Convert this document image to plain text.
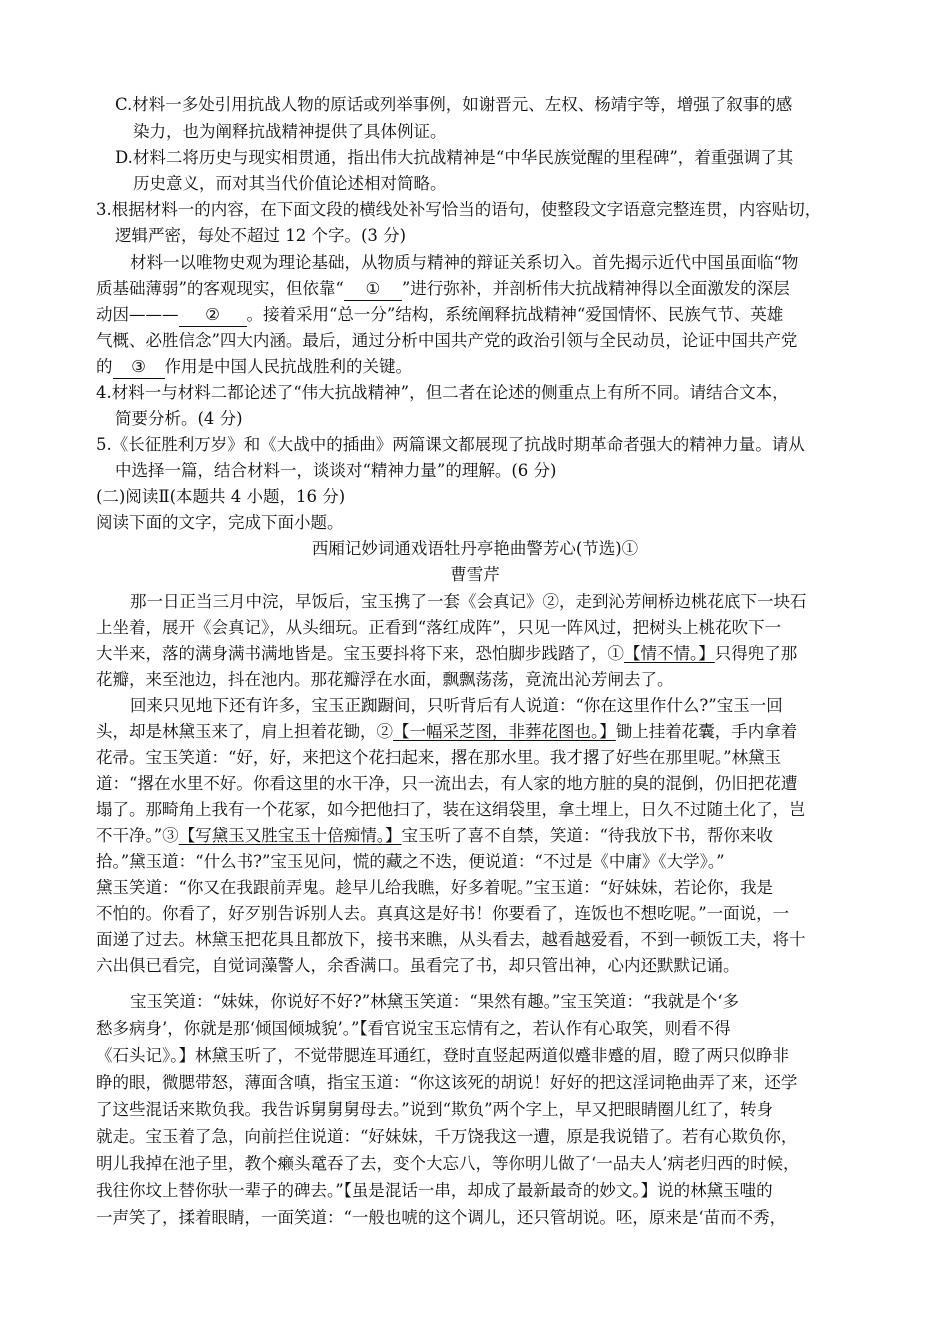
C.材料一多处引用抗战人物的原话或列举事例，如谢晋元、左权、杨靖宇等，增强了叙事的感
染力，也为阐释抗战精神提供了具体例证。
D.材料二将历史与现实相贯通，指出伟大抗战精神是“中华民族觉醒的里程碑”，着重强调了其
历史意义，而对其当代价值论述相对简略。
3.根据材料一的内容，在下面文段的横线处补写恰当的语句，使整段文字语意完整连贯，内容贴切，
逻辑严密，每处不超过 12 个字。(3 分)
材料一以唯物史观为理论基础，从物质与精神的辩证关系切入。首先揭示近代中国虽面临“物
质基础薄弱”的客观现实，但依靠“ ① ”进行弥补，并剖析伟大抗战精神得以全面激发的深层
动因——— ② 。接着采用“总一分”结构，系统阐释抗战精神“爱国情怀、民族气节、英雄
气概、必胜信念”四大内涵。最后，通过分析中国共产党的政治引领与全民动员，论证中国共产党
的 ③ 作用是中国人民抗战胜利的关键。
4.材料一与材料二都论述了“伟大抗战精神”，但二者在论述的侧重点上有所不同。请结合文本，
简要分析。(4 分)
5.《长征胜利万岁》和《大战中的插曲》两篇课文都展现了抗战时期革命者强大的精神力量。请从
中选择一篇，结合材料一，谈谈对“精神力量”的理解。(6 分)
(二)阅读Ⅱ(本题共 4 小题，16 分)
阅读下面的文字，完成下面小题。
西厢记妙词通戏语牡丹亭艳曲警芳心(节选)①
曹雪芹
那一日正当三月中浣，早饭后，宝玉携了一套《会真记》②，走到沁芳闸桥边桃花底下一块石
上坐着，展开《会真记》，从头细玩。正看到“落红成阵”，只见一阵风过，把树头上桃花吹下一
大半来，落的满身满书满地皆是。宝玉要抖将下来，恐怕脚步践踏了，①【情不情。】只得兜了那
花瓣，来至池边，抖在池内。那花瓣浮在水面，飘飘荡荡，竟流出沁芳闸去了。
回来只见地下还有许多，宝玉正踟蹰间，只听背后有人说道：“你在这里作什么?”宝玉一回
头，却是林黛玉来了，肩上担着花锄，②【一幅采芝图，非葬花图也。】锄上挂着花囊，手内拿着
花帚。宝玉笑道：“好，好，来把这个花扫起来，撂在那水里。我才撂了好些在那里呢。”林黛玉
道：“撂在水里不好。你看这里的水干净，只一流出去，有人家的地方脏的臭的混倒，仍旧把花遭
塌了。那畸角上我有一个花冢，如今把他扫了，装在这绢袋里，拿土埋上，日久不过随土化了，岂
不干净。”③【写黛玉又胜宝玉十倍痴情。】宝玉听了喜不自禁，笑道：“待我放下书，帮你来收
拾。”黛玉道：“什么书?”宝玉见问，慌的藏之不迭，便说道：“不过是《中庸》《大学》。”
黛玉笑道：“你又在我跟前弄鬼。趁早儿给我瞧，好多着呢。”宝玉道：“好妹妹，若论你，我是
不怕的。你看了，好歹别告诉别人去。真真这是好书！你要看了，连饭也不想吃呢。”一面说，一
面递了过去。林黛玉把花具且都放下，接书来瞧，从头看去，越看越爱看，不到一顿饭工夫，将十
六出俱已看完，自觉词藻警人，余香满口。虽看完了书，却只管出神，心内还默默记诵。
宝玉笑道：“妹妹，你说好不好?”林黛玉笑道：“果然有趣。”宝玉笑道：“我就是个‘多
愁多病身’，你就是那‘倾国倾城貌’。”【看官说宝玉忘情有之，若认作有心取笑，则看不得
《石头记》。】林黛玉听了，不觉带腮连耳通红，登时直竖起两道似蹙非蹙的眉，瞪了两只似睁非
睁的眼，微腮带怒，薄面含嗔，指宝玉道：“你这该死的胡说！好好的把这淫词艳曲弄了来，还学
了这些混话来欺负我。我告诉舅舅舅母去。”说到“欺负”两个字上，早又把眼睛圈儿红了，转身
就走。宝玉着了急，向前拦住说道：“好妹妹，千万饶我这一遭，原是我说错了。若有心欺负你，
明儿我掉在池子里，教个癞头鼋吞了去，变个大忘八，等你明儿做了‘一品夫人’病老归西的时候，
我往你坟上替你驮一辈子的碑去。”【虽是混话一串，却成了最新最奇的妙文。】说的林黛玉嗤的
一声笑了，揉着眼睛，一面笑道：“一般也唬的这个调儿，还只管胡说。呸，原来是‘苗而不秀，
